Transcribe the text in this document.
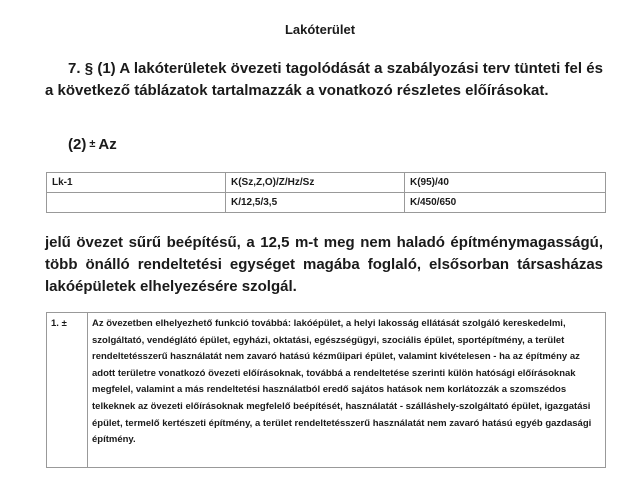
Lakóterület
7. § (1) A lakóterületek övezeti tagolódását a szabályozási terv tünteti fel és a következő táblázatok tartalmazzák a vonatkozó részletes előírásokat.
(2) ± Az
Lk-1	K(Sz,Z,O)/Z/Hz/Sz	K(95)/40
	K/12,5/3,5	K/450/650
jelű övezet sűrű beépítésű, a 12,5 m-t meg nem haladó építménymagasságú, több önálló rendeltetési egységet magába foglaló, elsősorban társasházas lakóépületek elhelyezésére szolgál.
1. ±	Az övezetben elhelyezhető funkció továbbá: lakóépület, a helyi lakosság ellátását szolgáló kereskedelmi, szolgáltató, vendéglátó épület, egyházi, oktatási, egészségügyi, szociális épület, sportépítmény, a terület rendeltetésszerű használatát nem zavaró hatású kézműipari épület, valamint kivételesen - ha az építmény az adott területre vonatkozó övezeti előírásoknak, továbbá a rendeltetése szerinti külön hatósági előírásoknak megfelel, valamint a más rendeltetési használatból eredő sajátos hatások nem korlátozzák a szomszédos telkeknek az övezeti előírásoknak megfelelő beépítését, használatát - szálláshely-szolgáltató épület, igazgatási épület, termelő kertészeti építmény, a terület rendeltetésszerű használatát nem zavaró hatású egyéb gazdasági építmény.
